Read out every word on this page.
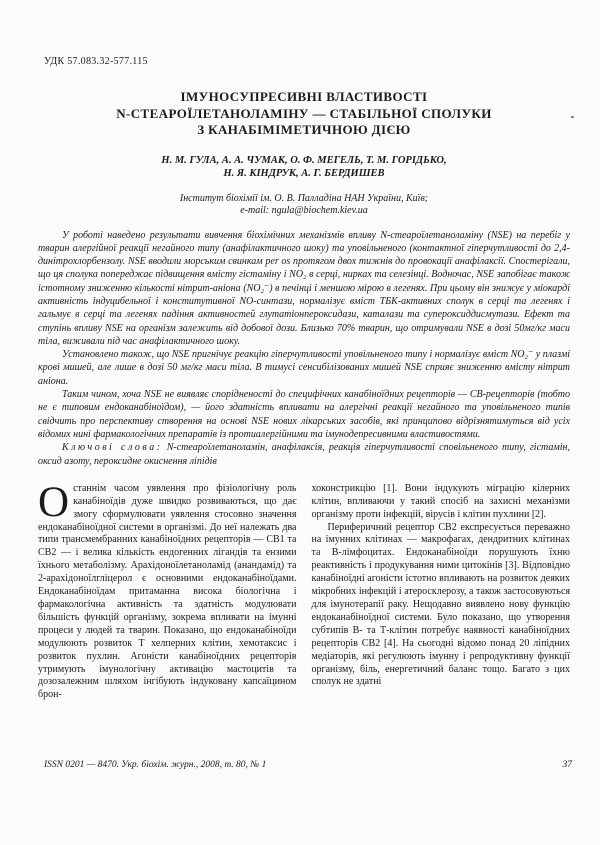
УДК 57.083.32-577.115
ІМУНОСУПРЕСИВНІ ВЛАСТИВОСТІ
N-СТЕАРОЇЛЕТАНОЛАМІНУ — СТАБІЛЬНОЇ СПОЛУКИ
З КАНАБІМІМЕТИЧНОЮ ДІЄЮ
Н. М. ГУЛА, А. А. ЧУМАК, О. Ф. МЕГЕЛЬ, Т. М. ГОРІДЬКО,
Н. Я. КІНДРУК, А. Г. БЕРДИШЕВ
Інститут біохімії ім. О. В. Палладіна НАН України, Київ;
e-mail: ngula@biochem.kiev.ua

У роботі наведено результати вивчення біохімічних механізмів впливу N-стеароїлетаноламіну (NSE) на перебіг у тварин алергійної реакції негайного типу (анафілактичного шоку) та уповільненого (контактної гіперчутливості до 2,4-динітрохлорбензолу. NSE вводили морським свинкам per os протягом двох тижнів до провокації анафілаксії. Спостерігали, що ця сполука попереджає підвищення вмісту гістаміну і NO₂ в серці, нирках та селезінці. Водночас, NSE запобігає також істотному зниженню кількості нітрит-аніона (NO₂⁻) в печінці і меншою мірою в легенях. При цьому він знижує у міокарді активність індуцибельної і конститутивної NO-синтази, нормалізує вміст ТБК-активних сполук в серці та легенях і гальмує в серці та легенях падіння активностей глутатіонпероксидази, каталази та супероксиддисмутази. Ефект та ступінь впливу NSE на організм залежить від добової дози. Близько 70% тварин, що отримували NSE в дозі 50мг/кг маси тіла, виживали під час анафілактичного шоку.

Установлено також, що NSE пригнічує реакцію гіперчутливості уповільненого типу і нормалізує вміст NO₂⁻ у плазмі крові мишей, але лише в дозі 50 мг/кг маси тіла. В тимусі сенсибілізованих мишей NSE сприяє зниженню вмісту нітрит аніона.

Таким чином, хоча NSE не виявляє спорідненості до специфічних канабіноїдних рецепторів — СВ-рецепторів (тобто не є типовим ендоканабіноїдом), — його здатність впливати на алергічні реакції негайного та уповільненого типів свідчить про перспективу створення на основі NSE нових лікарських засобів, які принципово відрізнятимуться від усіх відомих нині фармакологічних препаратів із протиалергійними та імунодепресивними властивостями.

Ключові слова: N-стеароїлетаноламін, анафілаксія, реакція гіперчутливості сповільненого типу, гістамін, оксид азоту, пероксидне окиснення ліпідів

Останнім часом уявлення про фізіологічну роль канабіноїдів дуже швидко розвиваються, що дає змогу сформулювати уявлення стосовно значення ендоканабіноїдної системи в організмі. До неї належать два типи трансмембранних канабіноїдних рецепторів — СВ1 та СВ2 — і велика кількість ендогенних лігандів та ензими їхнього метаболізму. Арахідоноїлетаноламід (анандамід) та 2-арахідоноїлгліцерол є основними ендоканабіноїдами. Ендоканабіноїдам притаманна висока біологічна і фармакологічна активність та здатність модулювати більшість функцій організму, зокрема впливати на імунні процеси у людей та тварин. Показано, що ендоканабіноїди модулюють розвиток Т хелперних клітин, хемотаксис і розвиток пухлин. Агоністи канабіноїдних рецепторів утримують імунологічну активацію мастоцитів та дозозалежним шляхом інгібують індуковану капсаїцином брон-

хоконстрикцію [1]. Вони індукують міграцію кілерних клітин, впливаючи у такий спосіб на захисні механізми організму проти інфекцій, вірусів і клітин пухлини [2].

Периферичний рецептор СВ2 експресується переважно на імунних клітинах — макрофагах, дендритних клітинах та В-лімфоцитах. Ендоканабіноїди порушують їхню реактивність і продукування ними цитокінів [3]. Відповідно канабіноїдні агоністи істотно впливають на розвиток деяких мікробних інфекцій і атеросклерозу, а також застосовуються для імунотерапії раку. Нещодавно виявлено нову функцію ендоканабіноїдної системи. Було показано, що утворення субтипів В- та Т-клітин потребує наявності канабіноїдних рецепторів СВ2 [4]. На сьогодні відомо понад 20 ліпідних медіаторів, які регулюють імунну і репродуктивну функції організму, біль, енергетичний баланс тощо. Багато з цих сполук не здатні

ISSN 0201 — 8470. Укр. біохім. журн., 2008, т. 80, № 1	37
